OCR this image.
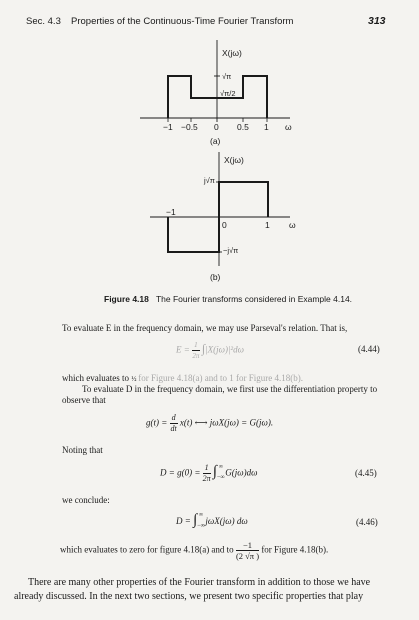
Sec. 4.3 Properties of the Continuous-Time Fourier Transform	313
X(jω)
√π
√π/2
−1 −0.5 0 0.5 1 ω
(a)
X(jω)
j√π
−1
0	1 ω
−j√π
(b)
Figure 4.18 The Fourier transforms considered in Example 4.14.
To evaluate E in the frequency domain, we may use Parseval's relation. That is,
$E = \frac{1}{2\pi} \int|X(j\omega)|^2d\omega$	(4.44)
which evaluates to ½ for Figure 4.18(a) and to 1 for Figure 4.18(b).
To evaluate D in the frequency domain, we first use the differentiation property to
observe that
$g(t) = \frac{d}{dt} x(t)$ ⟷ jωX(jω) = G(jω).
Noting that
$D = g(0) = \frac{1}{2\pi} \int_{-\infty}^\infty$ G(jω)dω	(4.45)
we conclude:
$D = \int_{-\infty}^\infty$ jωX(jω) dω	(4.46)
which evaluates to zero for figure 4.18(a) and to $\frac{-1}{(2 √\pi )}$ for Figure 4.18(b).
There are many other properties of the Fourier transform in addition to those we have
already discussed. In the next two sections, we present two specific properties that play
